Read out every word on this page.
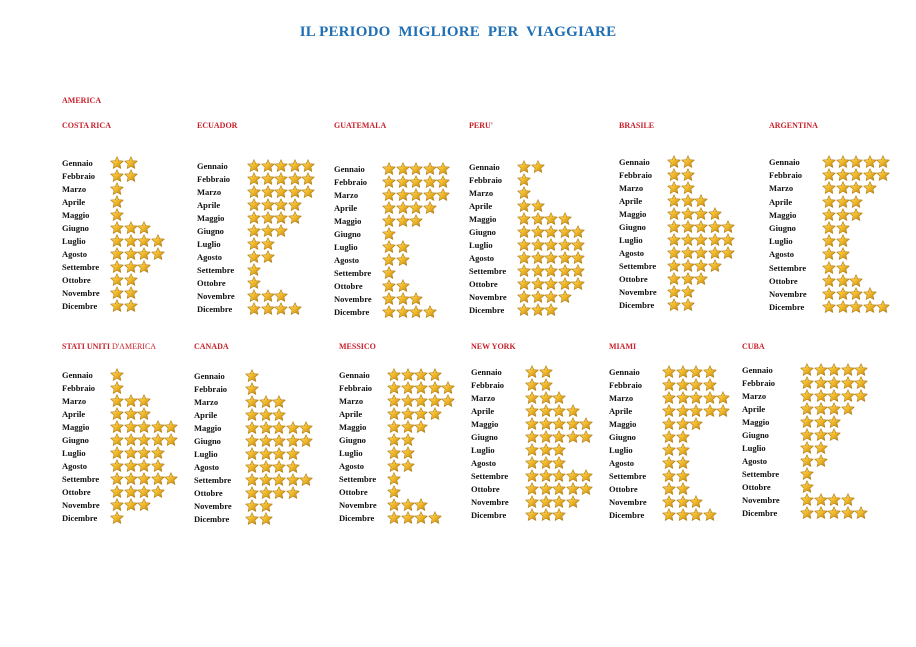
IL PERIODO  MIGLIORE  PER  VIAGGIARE
AMERICA
COSTA RICA
Gennaio
Febbraio
Marzo
Aprile
Maggio
Giugno
Luglio
Agosto
Settembre
Ottobre
Novembre
Dicembre
ECUADOR
Gennaio
Febbraio
Marzo
Aprile
Maggio
Giugno
Luglio
Agosto
Settembre
Ottobre
Novembre
Dicembre
GUATEMALA
Gennaio
Febbraio
Marzo
Aprile
Maggio
Giugno
Luglio
Agosto
Settembre
Ottobre
Novembre
Dicembre
PERU'
Gennaio
Febbraio
Marzo
Aprile
Maggio
Giugno
Luglio
Agosto
Settembre
Ottobre
Novembre
Dicembre
BRASILE
Gennaio
Febbraio
Marzo
Aprile
Maggio
Giugno
Luglio
Agosto
Settembre
Ottobre
Novembre
Dicembre
ARGENTINA
Gennaio
Febbraio
Marzo
Aprile
Maggio
Giugno
Luglio
Agosto
Settembre
Ottobre
Novembre
Dicembre
STATI UNITI D'AMERICA
Gennaio
Febbraio
Marzo
Aprile
Maggio
Giugno
Luglio
Agosto
Settembre
Ottobre
Novembre
Dicembre
CANADA
Gennaio
Febbraio
Marzo
Aprile
Maggio
Giugno
Luglio
Agosto
Settembre
Ottobre
Novembre
Dicembre
MESSICO
Gennaio
Febbraio
Marzo
Aprile
Maggio
Giugno
Luglio
Agosto
Settembre
Ottobre
Novembre
Dicembre
NEW YORK
Gennaio
Febbraio
Marzo
Aprile
Maggio
Giugno
Luglio
Agosto
Settembre
Ottobre
Novembre
Dicembre
MIAMI
Gennaio
Febbraio
Marzo
Aprile
Maggio
Giugno
Luglio
Agosto
Settembre
Ottobre
Novembre
Dicembre
CUBA
Gennaio
Febbraio
Marzo
Aprile
Maggio
Giugno
Luglio
Agosto
Settembre
Ottobre
Novembre
Dicembre
